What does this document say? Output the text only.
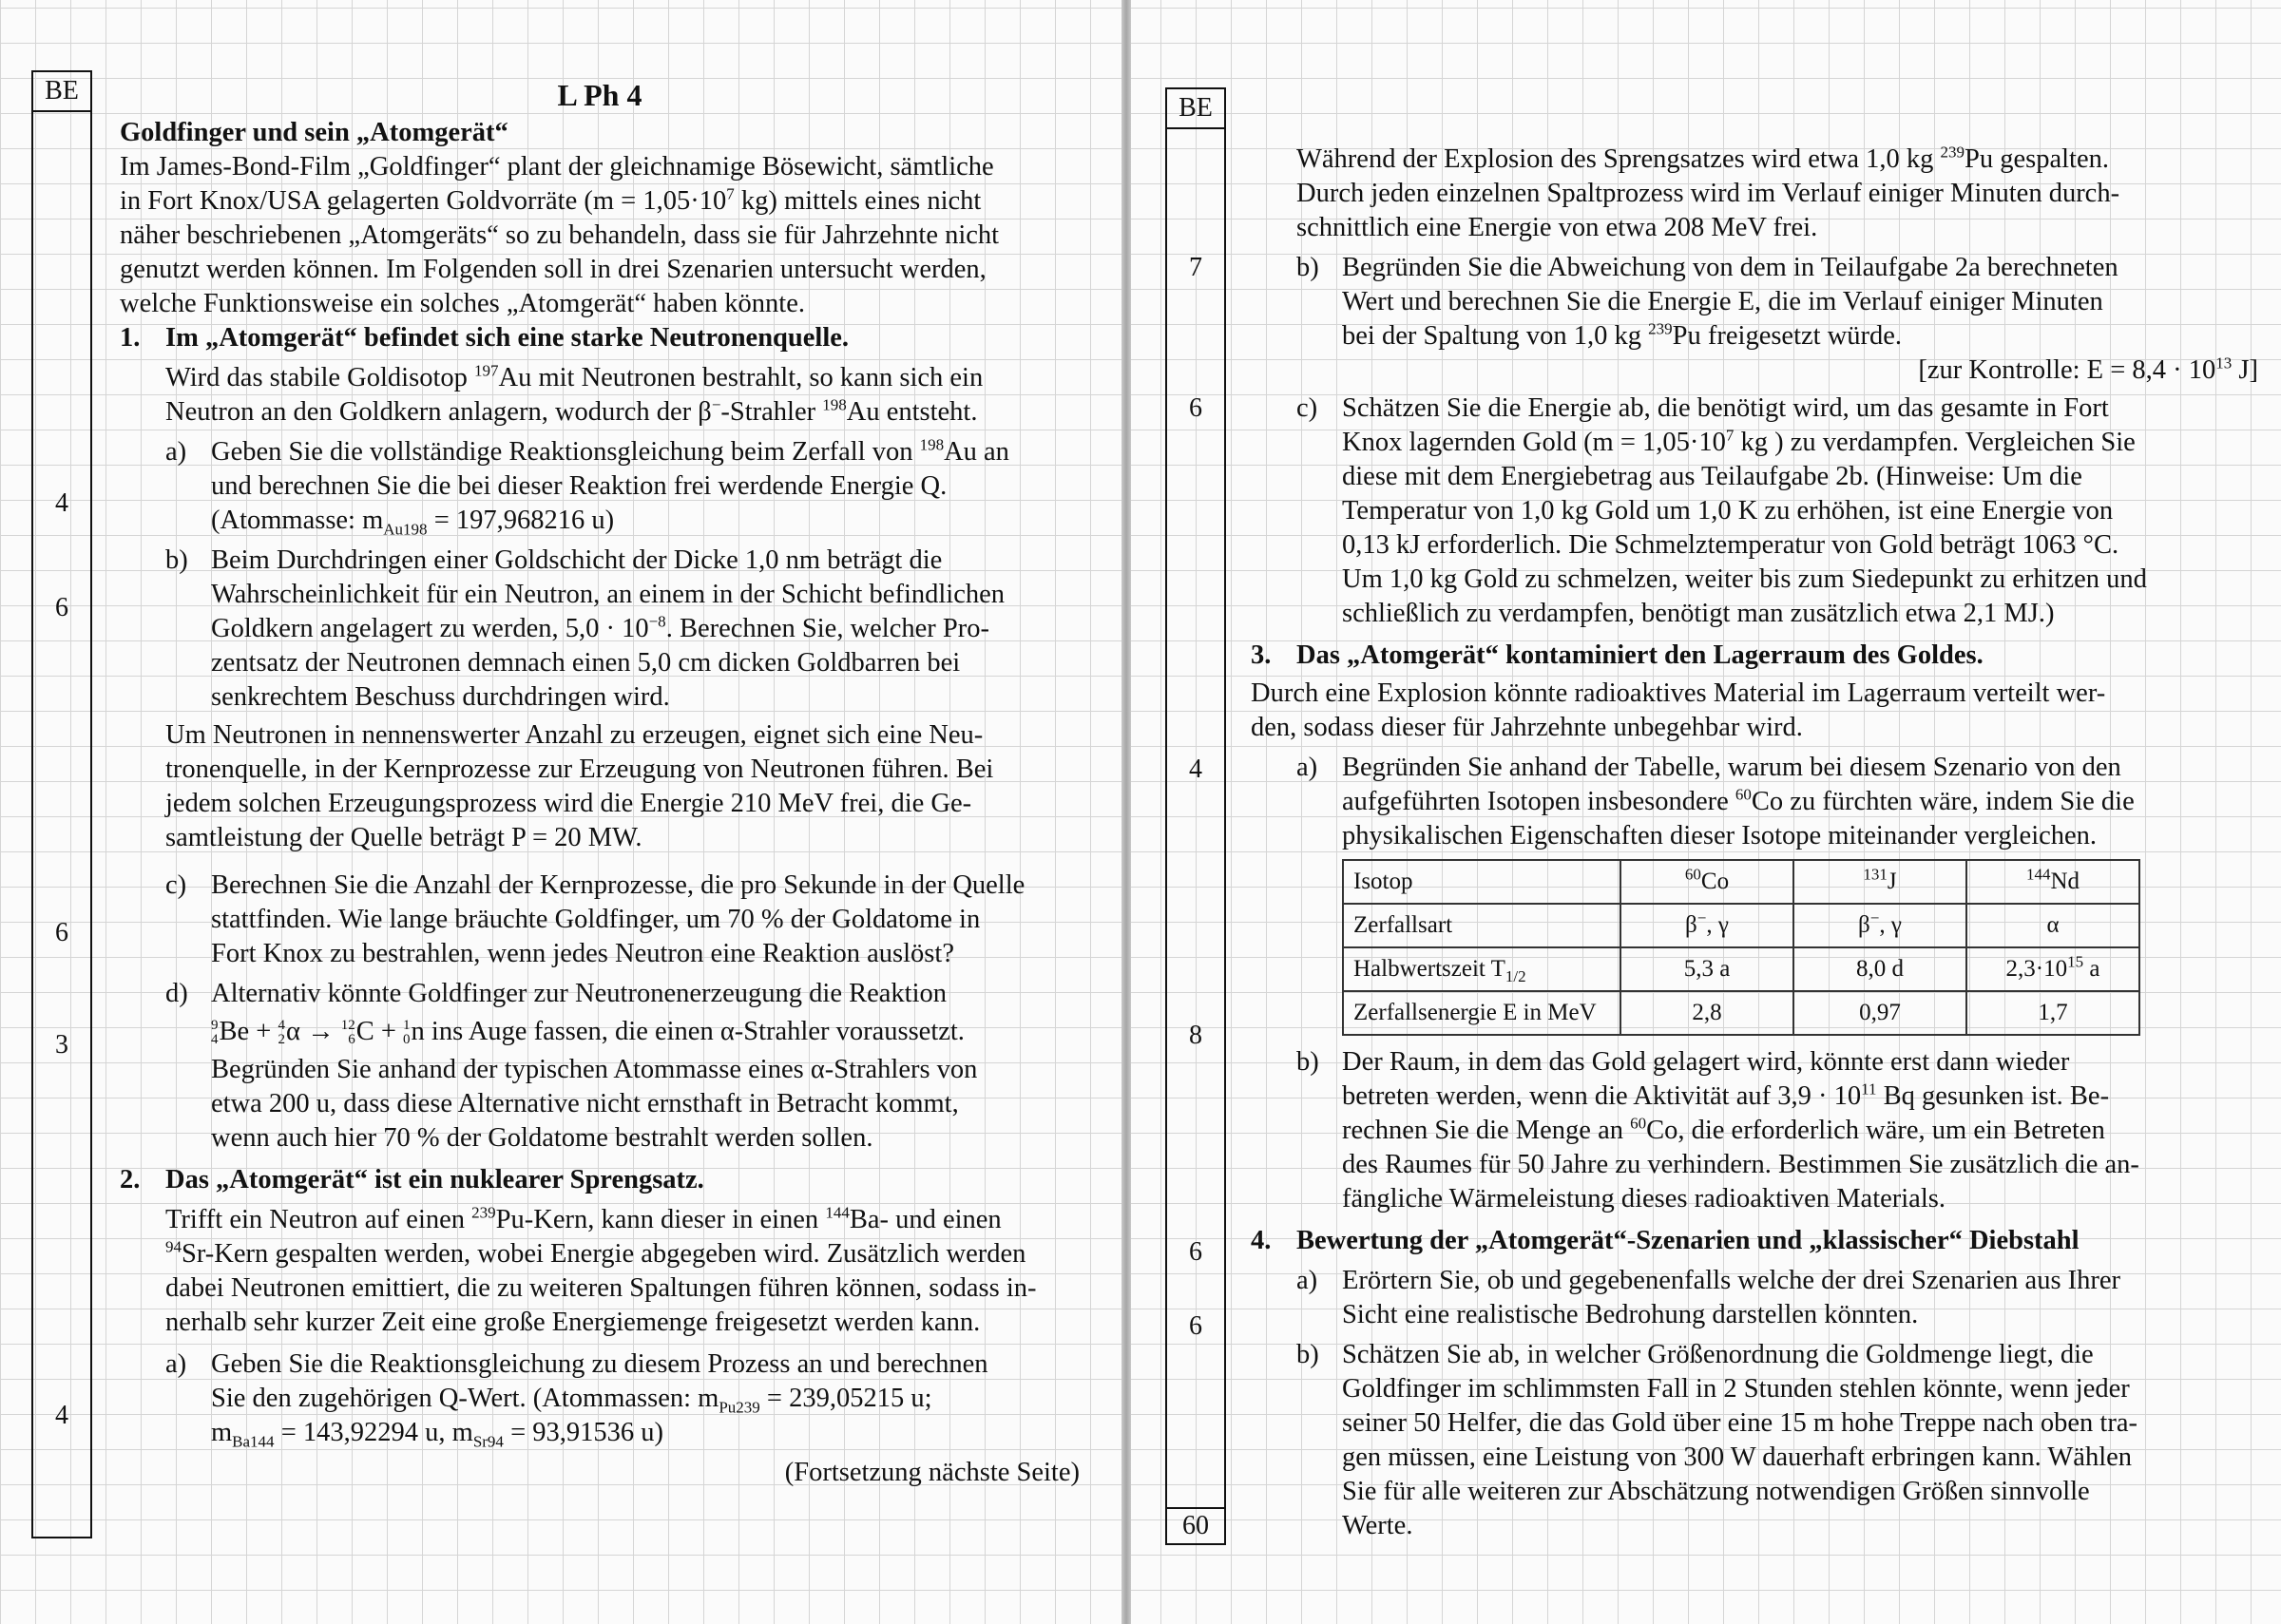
BE
4
6
6
3
4

L Ph 4

Goldfinger und sein „Atomgerät“

Im James-Bond-Film „Goldfinger“ plant der gleichnamige Bösewicht, sämtliche
in Fort Knox/USA gelagerten Goldvorräte ($m = 1,05\cdot 10^7$ kg) mittels eines nicht
näher beschriebenen „Atomgeräts“ so zu behandeln, dass sie für Jahrzehnte nicht
genutzt werden können. Im Folgenden soll in drei Szenarien untersucht werden,
welche Funktionsweise ein solches „Atomgerät“ haben könnte.

1. Im „Atomgerät“ befindet sich eine starke Neutronenquelle.

Wird das stabile Goldisotop $^{197}$Au mit Neutronen bestrahlt, so kann sich ein
Neutron an den Goldkern anlagern, wodurch der β−-Strahler $^{198}$Au entsteht.

a) Geben Sie die vollständige Reaktionsgleichung beim Zerfall von $^{198}$Au an
und berechnen Sie die bei dieser Reaktion frei werdende Energie Q.
(Atommasse: $m_{Au198} = 197,968216$ u)
b) Beim Durchdringen einer Goldschicht der Dicke 1,0 nm beträgt die
Wahrscheinlichkeit für ein Neutron, an einem in der Schicht befindlichen
Goldkern angelagert zu werden, $5,0 \cdot 10^{-8}$. Berechnen Sie, welcher Pro-
zentsatz der Neutronen demnach einen 5,0 cm dicken Goldbarren bei
senkrechtem Beschuss durchdringen wird.

Um Neutronen in nennenswerter Anzahl zu erzeugen, eignet sich eine Neu-
tronenquelle, in der Kernprozesse zur Erzeugung von Neutronen führen. Bei
jedem solchen Erzeugungsprozess wird die Energie 210 MeV frei, die Ge-
samtleistung der Quelle beträgt P = 20 MW.

c) Berechnen Sie die Anzahl der Kernprozesse, die pro Sekunde in der Quelle
stattfinden. Wie lange bräuchte Goldfinger, um 70 % der Goldatome in
Fort Knox zu bestrahlen, wenn jedes Neutron eine Reaktion auslöst?
d) Alternativ könnte Goldfinger zur Neutronenerzeugung die Reaktion

9
4 Be + 4
2 α → 12
6 C + 1
0 n ins Auge fassen, die einen α-Strahler voraussetzt.
Begründen Sie anhand der typischen Atommasse eines α-Strahlers von
etwa 200 u, dass diese Alternative nicht ernsthaft in Betracht kommt,
wenn auch hier 70 % der Goldatome bestrahlt werden sollen.
2. Das „Atomgerät“ ist ein nuklearer Sprengsatz.

Trifft ein Neutron auf einen $^{239}$Pu-Kern, kann dieser in einen $^{144}$Ba- und einen
$^{94}$Sr-Kern gespalten werden, wobei Energie abgegeben wird. Zusätzlich werden
dabei Neutronen emittiert, die zu weiteren Spaltungen führen können, sodass in-
nerhalb sehr kurzer Zeit eine große Energiemenge freigesetzt werden kann.

a) Geben Sie die Reaktionsgleichung zu diesem Prozess an und berechnen
Sie den zugehörigen Q-Wert. (Atommassen: $m_{Pu239} = 239,05215$ u;
$m_{Ba144} = 143,92294$ u, $m_{Sr94} = 93,91536$ u)

(Fortsetzung nächste Seite)

BE
7
6
4
8
6
6
60

Während der Explosion des Sprengsatzes wird etwa 1,0 kg $^{239}$Pu gespalten.
Durch jeden einzelnen Spaltprozess wird im Verlauf einiger Minuten durch-
schnittlich eine Energie von etwa 208 MeV frei.

b) Begründen Sie die Abweichung von dem in Teilaufgabe 2a berechneten
Wert und berechnen Sie die Energie E, die im Verlauf einiger Minuten
bei der Spaltung von 1,0 kg $^{239}$Pu freigesetzt würde.

[zur Kontrolle: $E = 8,4 \cdot 10^{13}$ J]
c) Schätzen Sie die Energie ab, die benötigt wird, um das gesamte in Fort
Knox lagernden Gold ($m = 1,05\cdot 10^7$ kg ) zu verdampfen. Vergleichen Sie
diese mit dem Energiebetrag aus Teilaufgabe 2b. (Hinweise: Um die
Temperatur von 1,0 kg Gold um 1,0 K zu erhöhen, ist eine Energie von
0,13 kJ erforderlich. Die Schmelztemperatur von Gold beträgt 1063 °C.
Um 1,0 kg Gold zu schmelzen, weiter bis zum Siedepunkt zu erhitzen und
schließlich zu verdampfen, benötigt man zusätzlich etwa 2,1 MJ.)
3. Das „Atomgerät“ kontaminiert den Lagerraum des Goldes.

Durch eine Explosion könnte radioaktives Material im Lagerraum verteilt wer-
den, sodass dieser für Jahrzehnte unbegehbar wird.

a) Begründen Sie anhand der Tabelle, warum bei diesem Szenario von den
aufgeführten Isotopen insbesondere $^{60}$Co zu fürchten wäre, indem Sie die
physikalischen Eigenschaften dieser Isotope miteinander vergleichen.
Isotop	$^{60}$Co	$^{131}$J	$^{144}$Nd
Zerfallsart	β−, γ	β−, γ	α
Halbwertszeit $T_{1/2}$	5,3 a	8,0 d	$2,3\cdot 10^{15}$ a
Zerfallsenergie E in MeV	2,8	0,97	1,7
b) Der Raum, in dem das Gold gelagert wird, könnte erst dann wieder
betreten werden, wenn die Aktivität auf $3,9 \cdot 10^{11}$ Bq gesunken ist. Be-
rechnen Sie die Menge an $^{60}$Co, die erforderlich wäre, um ein Betreten
des Raumes für 50 Jahre zu verhindern. Bestimmen Sie zusätzlich die an-
fängliche Wärmeleistung dieses radioaktiven Materials.
4. Bewertung der „Atomgerät“-Szenarien und „klassischer“ Diebstahl
a) Erörtern Sie, ob und gegebenenfalls welche der drei Szenarien aus Ihrer
Sicht eine realistische Bedrohung darstellen könnten.
b) Schätzen Sie ab, in welcher Größenordnung die Goldmenge liegt, die
Goldfinger im schlimmsten Fall in 2 Stunden stehlen könnte, wenn jeder
seiner 50 Helfer, die das Gold über eine 15 m hohe Treppe nach oben tra-
gen müssen, eine Leistung von 300 W dauerhaft erbringen kann. Wählen
Sie für alle weiteren zur Abschätzung notwendigen Größen sinnvolle
Werte.
